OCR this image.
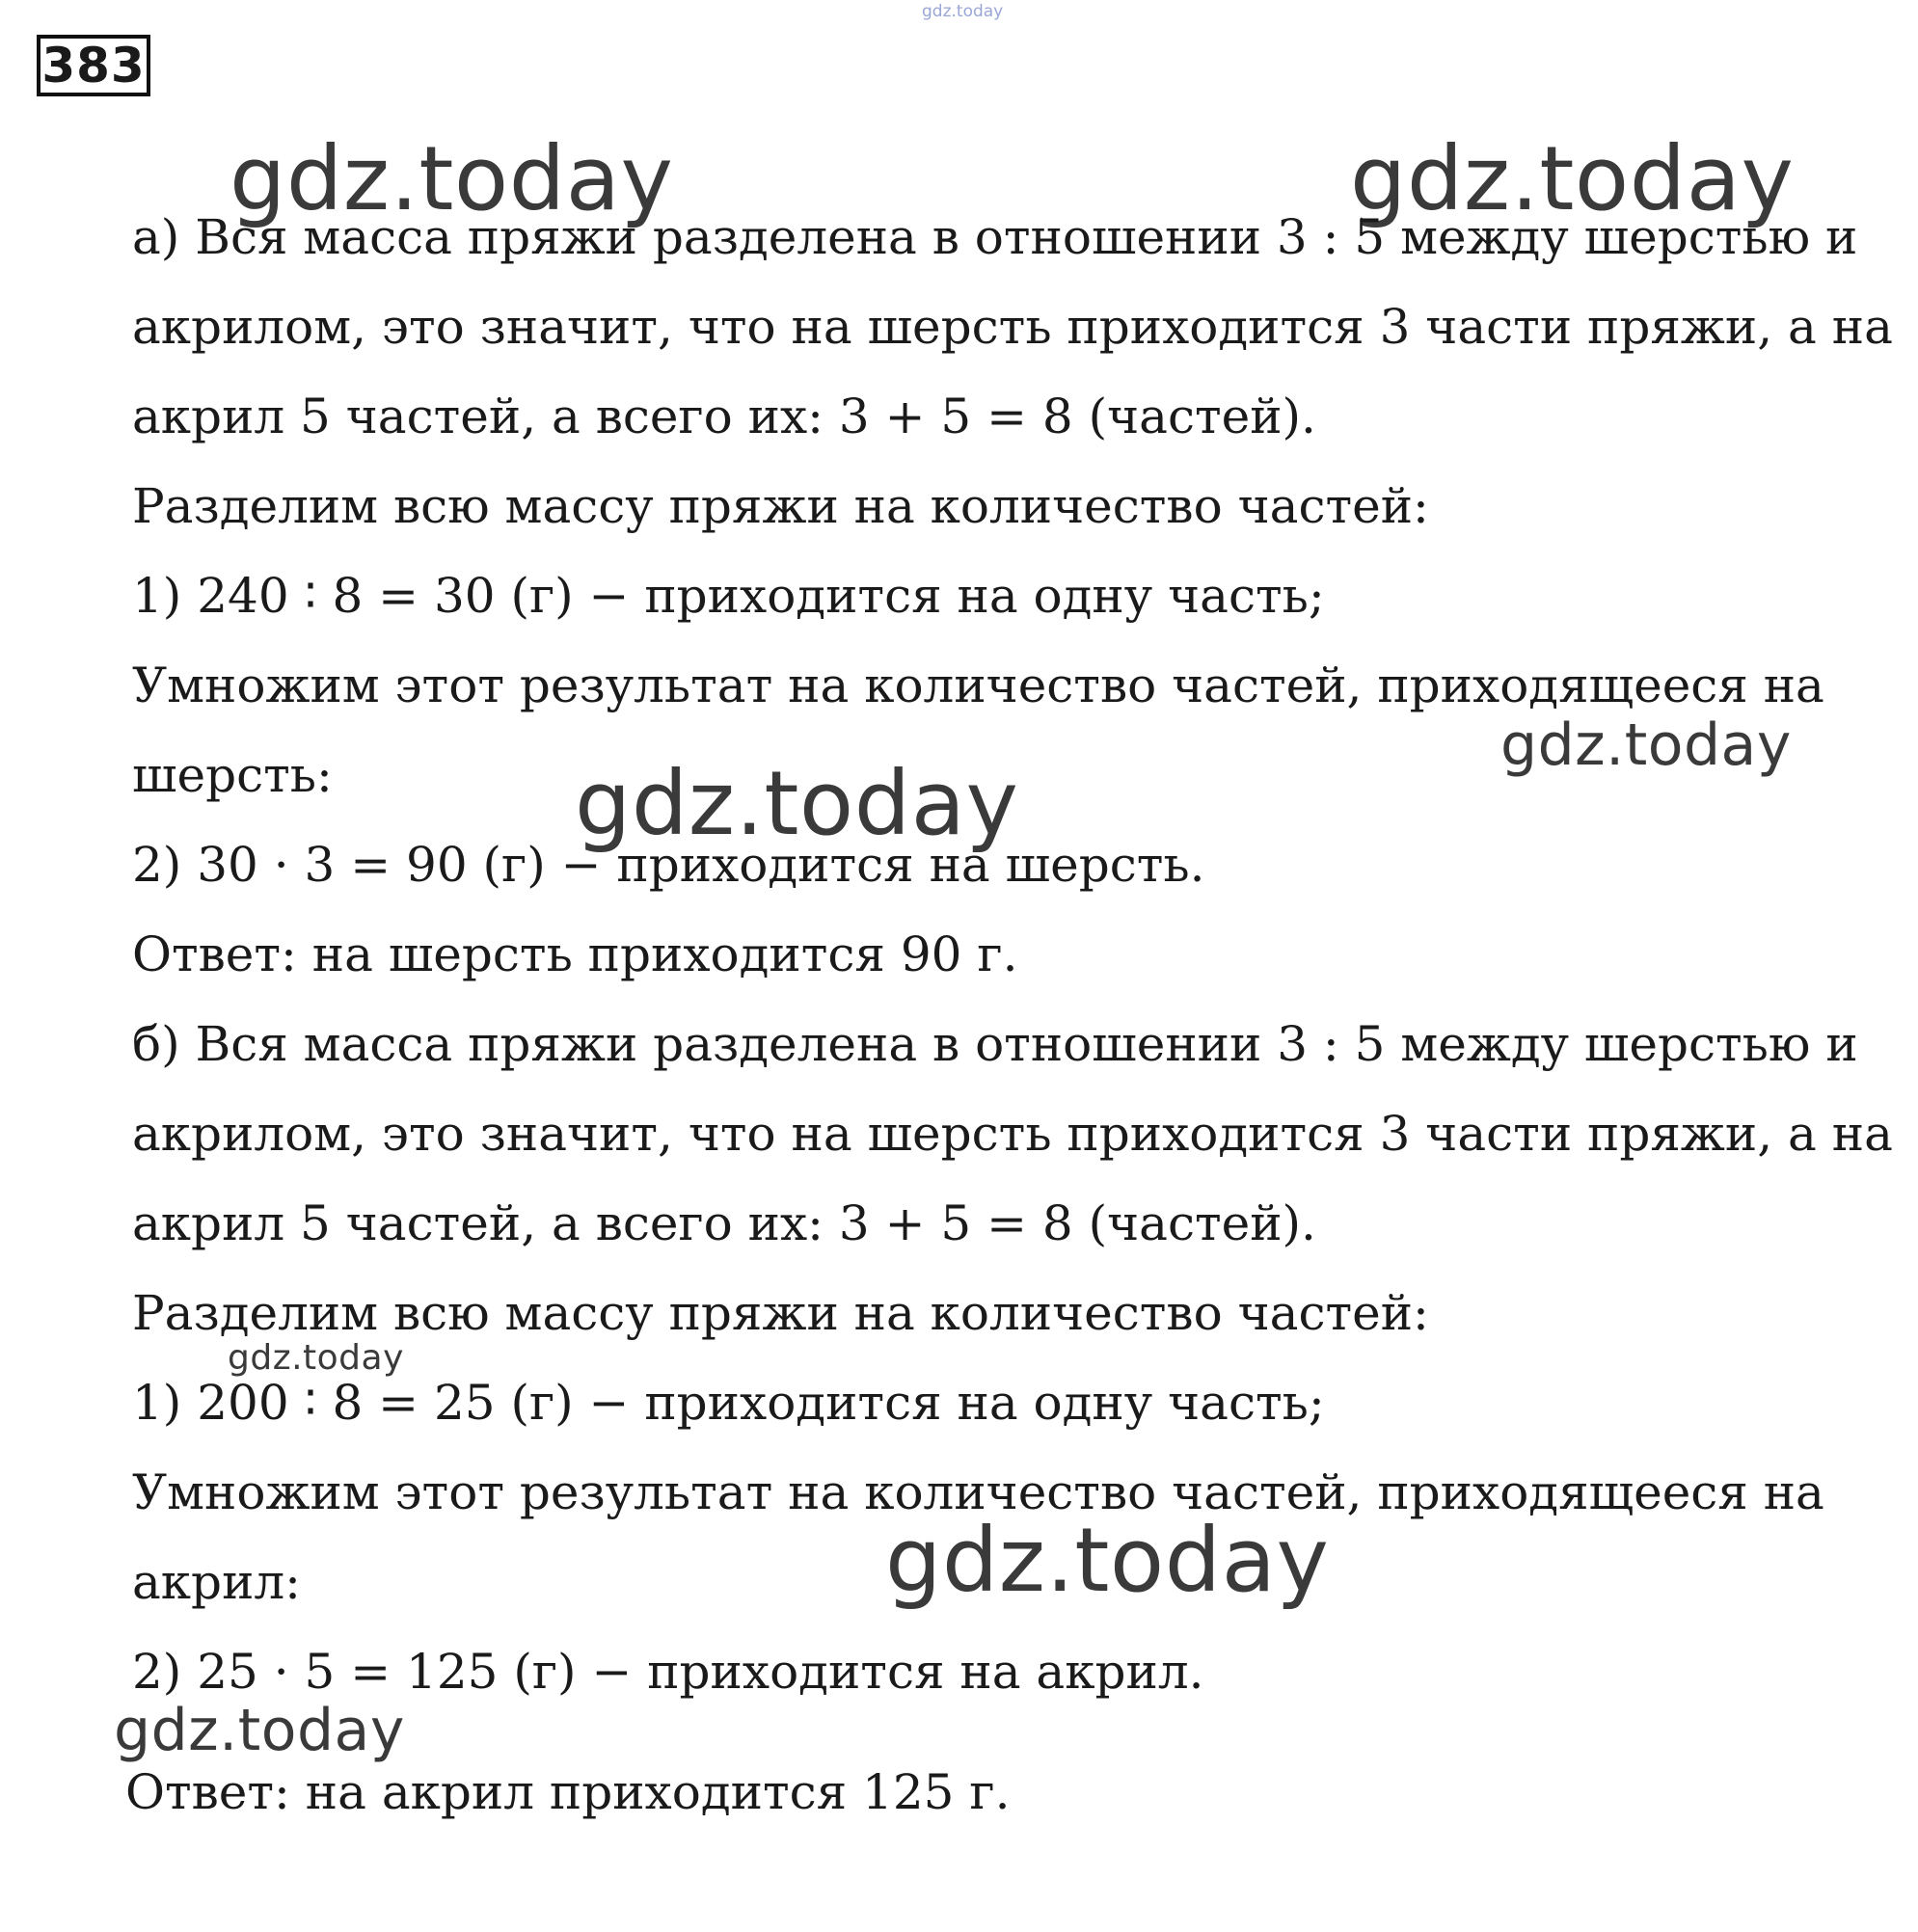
gdz.today
383
gdz.today	gdz.today
gdz.today
gdz.today
gdz.today
gdz.today
gdz.today
а) Вся масса пряжи разделена в отношении 3 : 5 между шерстью и
акрилом, это значит, что на шерсть приходится 3 части пряжи, а на
акрил 5 частей, а всего их: 3 + 5 = 8 (частей).
Разделим всю массу пряжи на количество частей:
1) 240 ∶ 8 = 30 (г) − приходится на одну часть;
Умножим этот результат на количество частей, приходящееся на
шерсть:
2) 30 · 3 = 90 (г) − приходится на шерсть.
Ответ: на шерсть приходится 90 г.
б) Вся масса пряжи разделена в отношении 3 : 5 между шерстью и
акрилом, это значит, что на шерсть приходится 3 части пряжи, а на
акрил 5 частей, а всего их: 3 + 5 = 8 (частей).
Разделим всю массу пряжи на количество частей:
1) 200 ∶ 8 = 25 (г) − приходится на одну часть;
Умножим этот результат на количество частей, приходящееся на
акрил:
2) 25 · 5 = 125 (г) − приходится на акрил.
Ответ: на акрил приходится 125 г.
